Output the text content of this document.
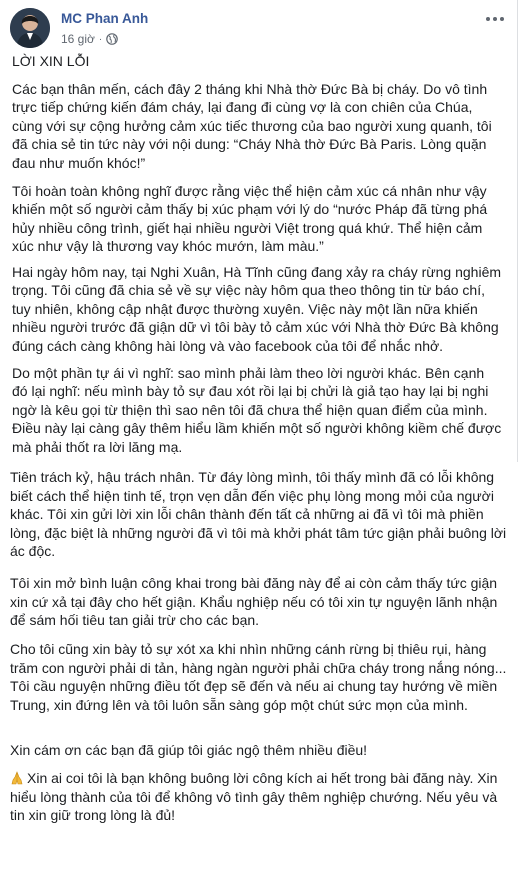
MC Phan Anh
16 giờ ·
LỜI XIN LỖI
Các bạn thân mến, cách đây 2 tháng khi Nhà thờ Đức Bà bị cháy. Do vô tình trực tiếp chứng kiến đám cháy, lại đang đi cùng vợ là con chiên của Chúa, cùng với sự cộng hưởng cảm xúc tiếc thương của bao người xung quanh, tôi đã chia sẻ tin tức này với nội dung: “Cháy Nhà thờ Đức Bà Paris. Lòng quặn đau như muốn khóc!”
Tôi hoàn toàn không nghĩ được rằng việc thể hiện cảm xúc cá nhân như vậy khiến một số người cảm thấy bị xúc phạm với lý do “nước Pháp đã từng phá hủy nhiều công trình, giết hại nhiều người Việt trong quá khứ. Thể hiện cảm xúc như vậy là thương vay khóc mướn, làm màu.”
Hai ngày hôm nay, tại Nghi Xuân, Hà Tĩnh cũng đang xảy ra cháy rừng nghiêm trọng. Tôi cũng đã chia sẻ về sự việc này hôm qua theo thông tin từ báo chí, tuy nhiên, không cập nhật được thường xuyên. Việc này một lần nữa khiến nhiều người trước đã giận dữ vì tôi bày tỏ cảm xúc với Nhà thờ Đức Bà không đúng cách càng không hài lòng và vào facebook của tôi để nhắc nhở.
Do một phần tự ái vì nghĩ: sao mình phải làm theo lời người khác. Bên cạnh đó lại nghĩ: nếu mình bày tỏ sự đau xót rồi lại bị chửi là giả tạo hay lại bị nghi ngờ là kêu gọi từ thiện thì sao nên tôi đã chưa thể hiện quan điểm của mình. Điều này lại càng gây thêm hiểu lầm khiến một số người không kiềm chế được mà phải thốt ra lời lăng mạ.
Tiên trách kỷ, hậu trách nhân. Từ đáy lòng mình, tôi thấy mình đã có lỗi không biết cách thể hiện tinh tế, trọn vẹn dẫn đến việc phụ lòng mong mỏi của người khác. Tôi xin gửi lời xin lỗi chân thành đến tất cả những ai đã vì tôi mà phiền lòng, đặc biệt là những người đã vì tôi mà khởi phát tâm tức giận phải buông lời ác độc.
Tôi xin mở bình luận công khai trong bài đăng này để ai còn cảm thấy tức giận xin cứ xả tại đây cho hết giận. Khẩu nghiệp nếu có tôi xin tự nguyện lãnh nhận để sám hối tiêu tan giải trừ cho các bạn.
Cho tôi cũng xin bày tỏ sự xót xa khi nhìn những cánh rừng bị thiêu rụi, hàng trăm con người phải di tản, hàng ngàn người phải chữa cháy trong nắng nóng... Tôi cầu nguyện những điều tốt đẹp sẽ đến và nếu ai chung tay hướng về miền Trung, xin đứng lên và tôi luôn sẵn sàng góp một chút sức mọn của mình.
Xin cám ơn các bạn đã giúp tôi giác ngộ thêm nhiều điều!
Xin ai coi tôi là bạn không buông lời công kích ai hết trong bài đăng này. Xin hiểu lòng thành của tôi để không vô tình gây thêm nghiệp chướng. Nếu yêu và tin xin giữ trong lòng là đủ!
